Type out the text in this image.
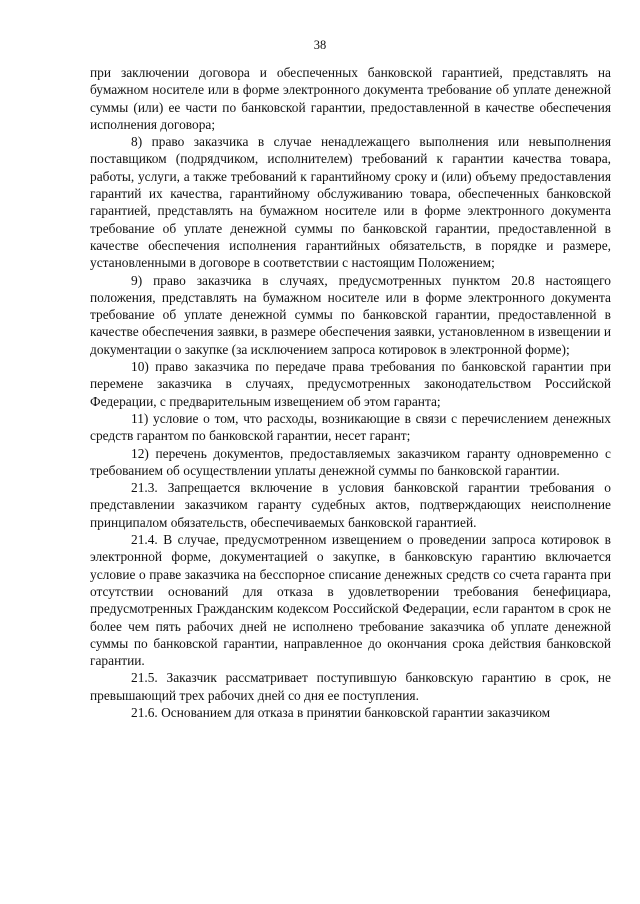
38

при заключении договора и обеспеченных банковской гарантией, представлять на бумажном носителе или в форме электронного документа требование об уплате денежной суммы (или) ее части по банковской гарантии, предоставленной в качестве обеспечения исполнения договора;

8) право заказчика в случае ненадлежащего выполнения или невыполнения поставщиком (подрядчиком, исполнителем) требований к гарантии качества товара, работы, услуги, а также требований к гарантийному сроку и (или) объему предоставления гарантий их качества, гарантийному обслуживанию товара, обеспеченных банковской гарантией, представлять на бумажном носителе или в форме электронного документа требование об уплате денежной суммы по банковской гарантии, предоставленной в качестве обеспечения исполнения гарантийных обязательств, в порядке и размере, установленными в договоре в соответствии с настоящим Положением;

9) право заказчика в случаях, предусмотренных пунктом 20.8 настоящего положения, представлять на бумажном носителе или в форме электронного документа требование об уплате денежной суммы по банковской гарантии, предоставленной в качестве обеспечения заявки, в размере обеспечения заявки, установленном в извещении и документации о закупке (за исключением запроса котировок в электронной форме);

10) право заказчика по передаче права требования по банковской гарантии при перемене заказчика в случаях, предусмотренных законодательством Российской Федерации, с предварительным извещением об этом гаранта;

11) условие о том, что расходы, возникающие в связи с перечислением денежных средств гарантом по банковской гарантии, несет гарант;

12) перечень документов, предоставляемых заказчиком гаранту одновременно с требованием об осуществлении уплаты денежной суммы по банковской гарантии.

21.3. Запрещается включение в условия банковской гарантии требования о представлении заказчиком гаранту судебных актов, подтверждающих неисполнение принципалом обязательств, обеспечиваемых банковской гарантией.

21.4. В случае, предусмотренном извещением о проведении запроса котировок в электронной форме, документацией о закупке, в банковскую гарантию включается условие о праве заказчика на бесспорное списание денежных средств со счета гаранта при отсутствии оснований для отказа в удовлетворении требования бенефициара, предусмотренных Гражданским кодексом Российской Федерации, если гарантом в срок не более чем пять рабочих дней не исполнено требование заказчика об уплате денежной суммы по банковской гарантии, направленное до окончания срока действия банковской гарантии.

21.5. Заказчик рассматривает поступившую банковскую гарантию в срок, не превышающий трех рабочих дней со дня ее поступления.

21.6. Основанием для отказа в принятии банковской гарантии заказчиком
